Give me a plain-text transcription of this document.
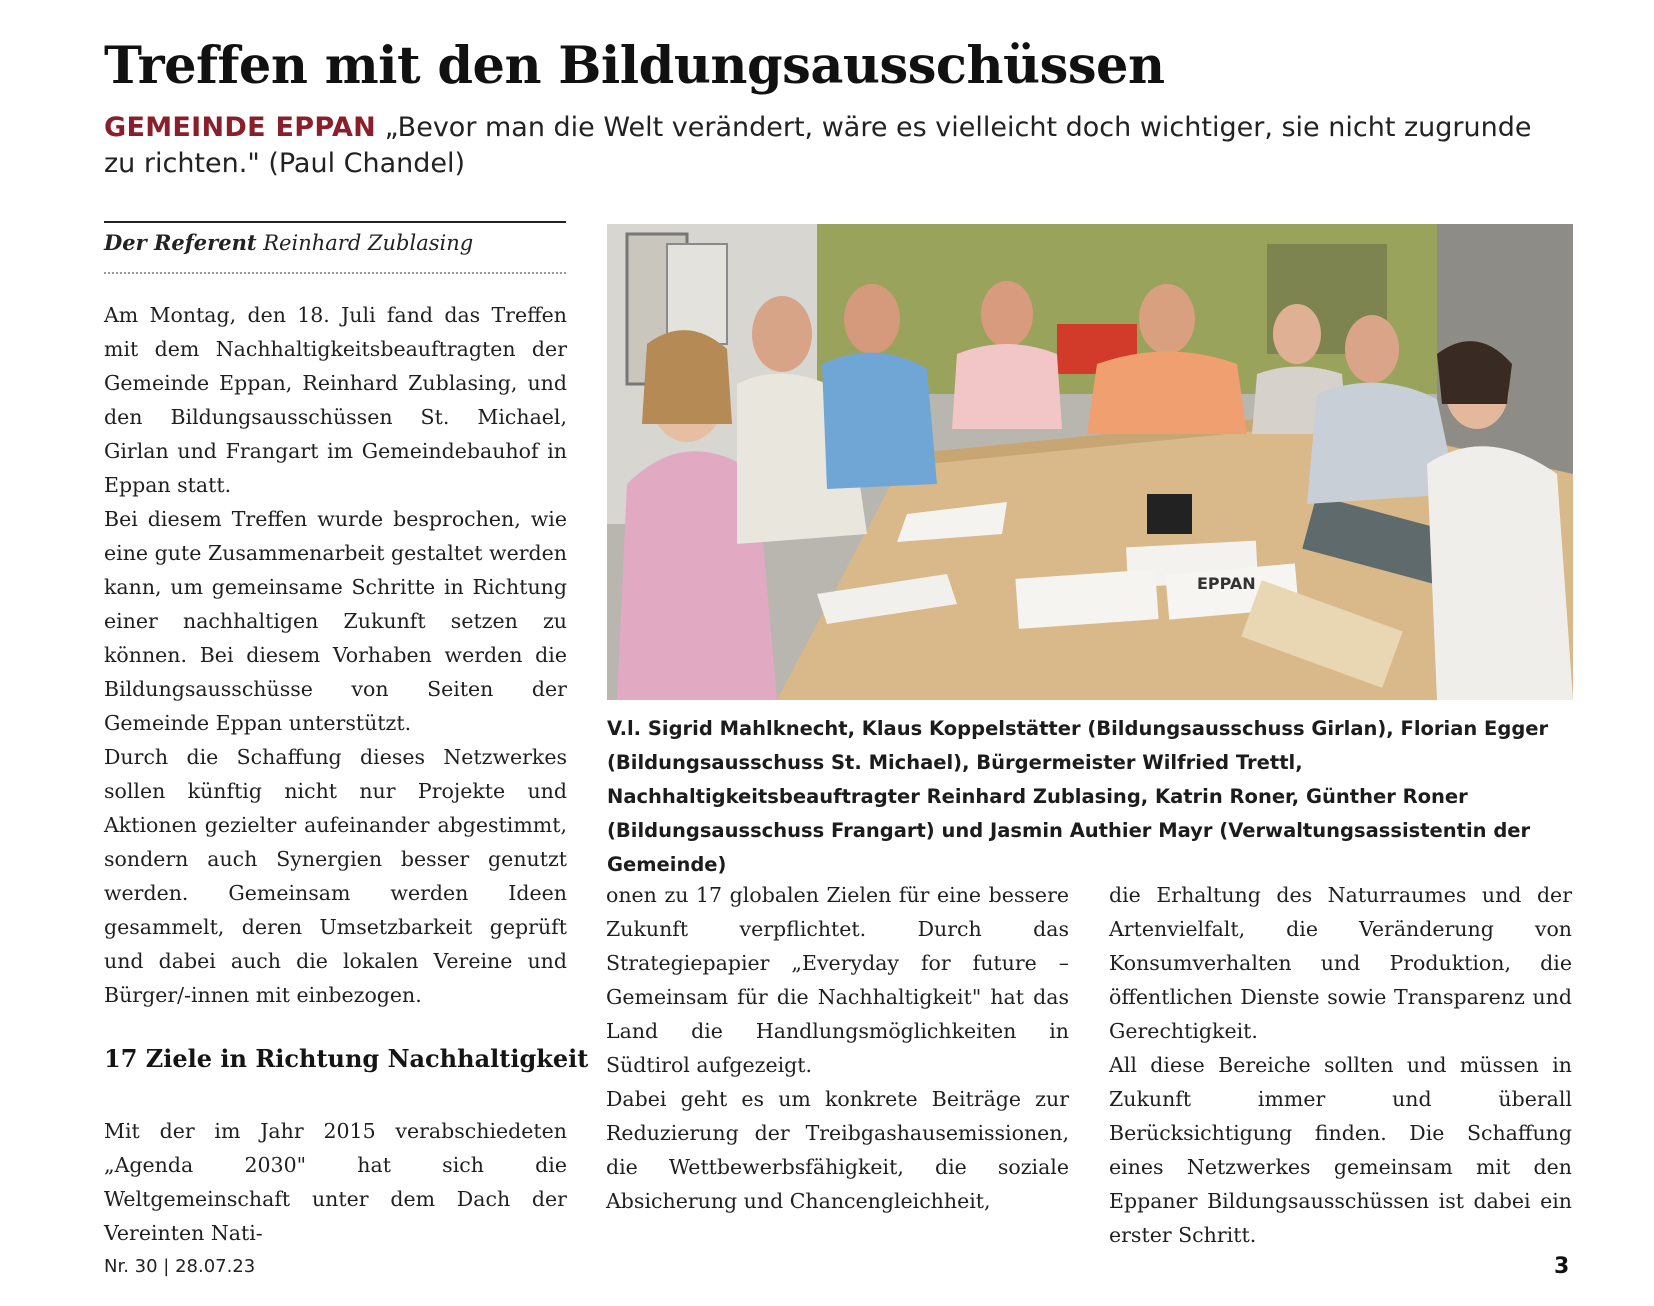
Treffen mit den Bildungsausschüssen
GEMEINDE EPPAN „Bevor man die Welt verändert, wäre es vielleicht doch wichtiger, sie nicht zugrunde zu richten." (Paul Chandel)
Der Referent Reinhard Zublasing

Am Montag, den 18. Juli fand das Treffen mit dem Nachhaltigkeitsbeauftragten der Gemeinde Eppan, Reinhard Zublasing, und den Bildungsausschüssen St. Michael, Girlan und Frangart im Gemeindebauhof in Eppan statt.

Bei diesem Treffen wurde besprochen, wie eine gute Zusammenarbeit gestaltet werden kann, um gemeinsame Schritte in Richtung einer nachhaltigen Zukunft setzen zu können. Bei diesem Vorhaben werden die Bildungsausschüsse von Seiten der Gemeinde Eppan unterstützt.

Durch die Schaffung dieses Netzwerkes sollen künftig nicht nur Projekte und Aktionen gezielter aufeinander abgestimmt, sondern auch Synergien besser genutzt werden. Gemeinsam werden Ideen gesammelt, deren Umsetzbarkeit geprüft und dabei auch die lokalen Vereine und Bürger/-innen mit einbezogen.

17 Ziele in Richtung Nachhaltigkeit

Mit der im Jahr 2015 verabschiedeten „Agenda 2030" hat sich die Weltgemeinschaft unter dem Dach der Vereinten Nati-

EPPAN
V.l. Sigrid Mahlknecht, Klaus Koppelstätter (Bildungsausschuss Girlan), Florian Egger (Bildungsausschuss St. Michael), Bürgermeister Wilfried Trettl, Nachhaltigkeitsbeauftragter Reinhard Zublasing, Katrin Roner, Günther Roner (Bildungsausschuss Frangart) und Jasmin Authier Mayr (Verwaltungsassistentin der Gemeinde)

onen zu 17 globalen Zielen für eine bessere Zukunft verpflichtet. Durch das Strategiepapier „Everyday for future – Gemeinsam für die Nachhaltigkeit" hat das Land die Handlungsmöglichkeiten in Südtirol aufgezeigt.

Dabei geht es um konkrete Beiträge zur Reduzierung der Treibgashausemissionen, die Wettbewerbsfähigkeit, die soziale Absicherung und Chancengleichheit,

die Erhaltung des Naturraumes und der Artenvielfalt, die Veränderung von Konsumverhalten und Produktion, die öffentlichen Dienste sowie Transparenz und Gerechtigkeit.

All diese Bereiche sollten und müssen in Zukunft immer und überall Berücksichtigung finden. Die Schaffung eines Netzwerkes gemeinsam mit den Eppaner Bildungsausschüssen ist dabei ein erster Schritt.

Nr. 30 | 28.07.23	3
